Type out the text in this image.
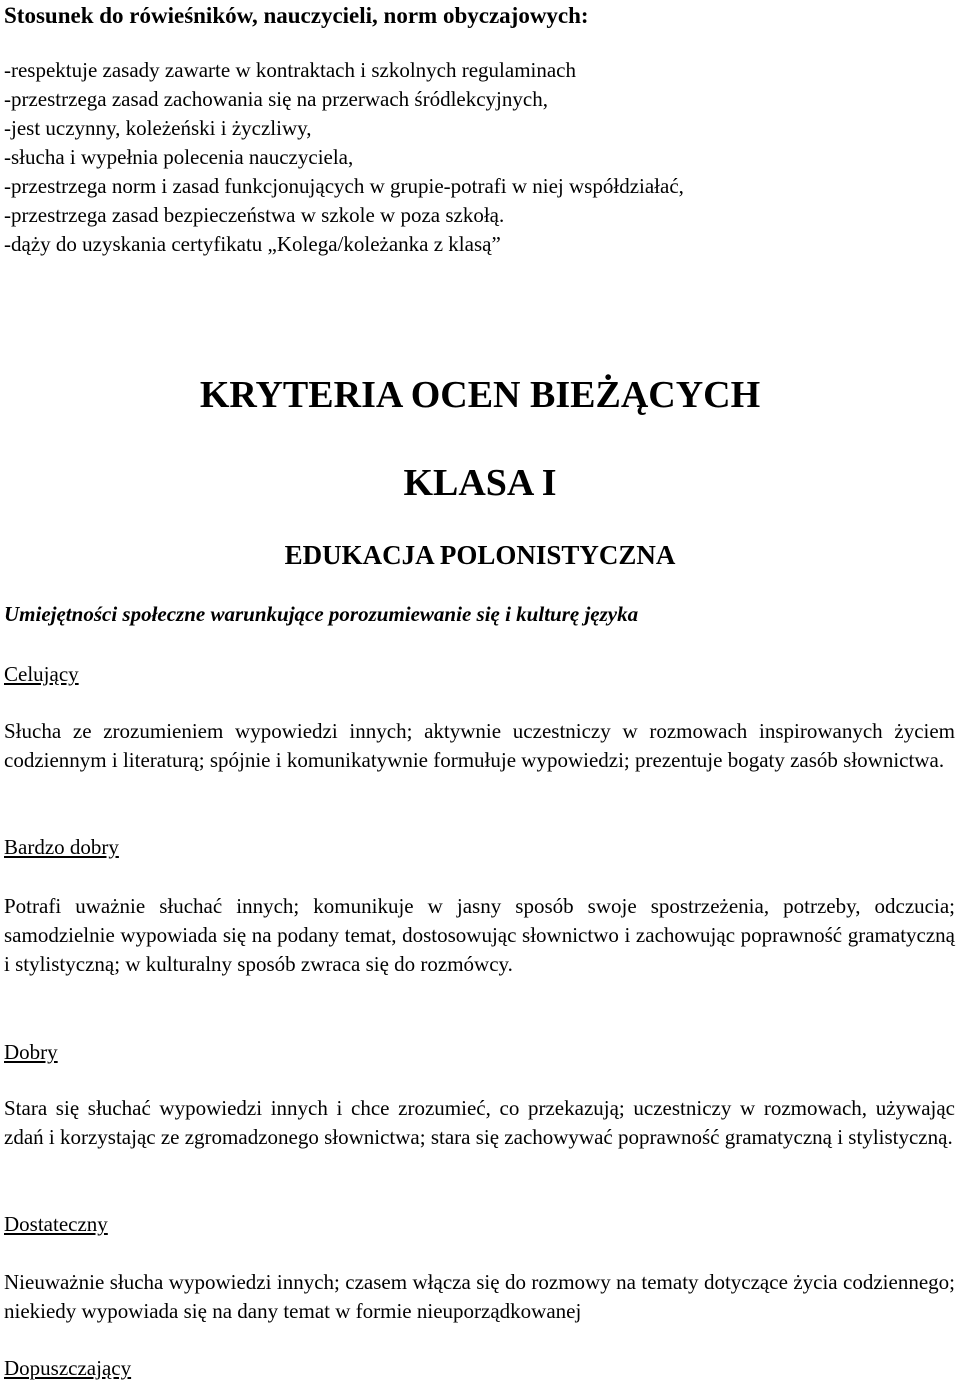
Stosunek do rówieśników, nauczycieli, norm obyczajowych:
-respektuje zasady zawarte w kontraktach i szkolnych regulaminach
-przestrzega zasad zachowania się na przerwach śródlekcyjnych,
-jest uczynny, koleżeński i życzliwy,
-słucha i wypełnia polecenia nauczyciela,
-przestrzega norm i zasad funkcjonujących w grupie-potrafi w niej współdziałać,
-przestrzega zasad bezpieczeństwa w szkole w poza szkołą.
-dąży do uzyskania certyfikatu „Kolega/koleżanka z klasą”
KRYTERIA OCEN BIEŻĄCYCH
KLASA I
EDUKACJA POLONISTYCZNA
Umiejętności społeczne warunkujące porozumiewanie się i kulturę języka
Celujący
Słucha ze zrozumieniem wypowiedzi innych; aktywnie uczestniczy w rozmowach inspirowanych życiem codziennym i literaturą; spójnie i komunikatywnie formułuje wypowiedzi; prezentuje bogaty zasób słownictwa.
Bardzo dobry
Potrafi uważnie słuchać innych; komunikuje w jasny sposób swoje spostrzeżenia, potrzeby, odczucia; samodzielnie wypowiada się na podany temat, dostosowując słownictwo i zachowując poprawność gramatyczną i stylistyczną; w kulturalny sposób zwraca się do rozmówcy.
Dobry
Stara się słuchać wypowiedzi innych i chce zrozumieć, co przekazują; uczestniczy w rozmowach, używając zdań i korzystając ze zgromadzonego słownictwa; stara się zachowywać poprawność gramatyczną i stylistyczną.
Dostateczny
Nieuważnie słucha wypowiedzi innych; czasem włącza się do rozmowy na tematy dotyczące życia codziennego; niekiedy wypowiada się na dany temat w formie nieuporządkowanej
Dopuszczający
